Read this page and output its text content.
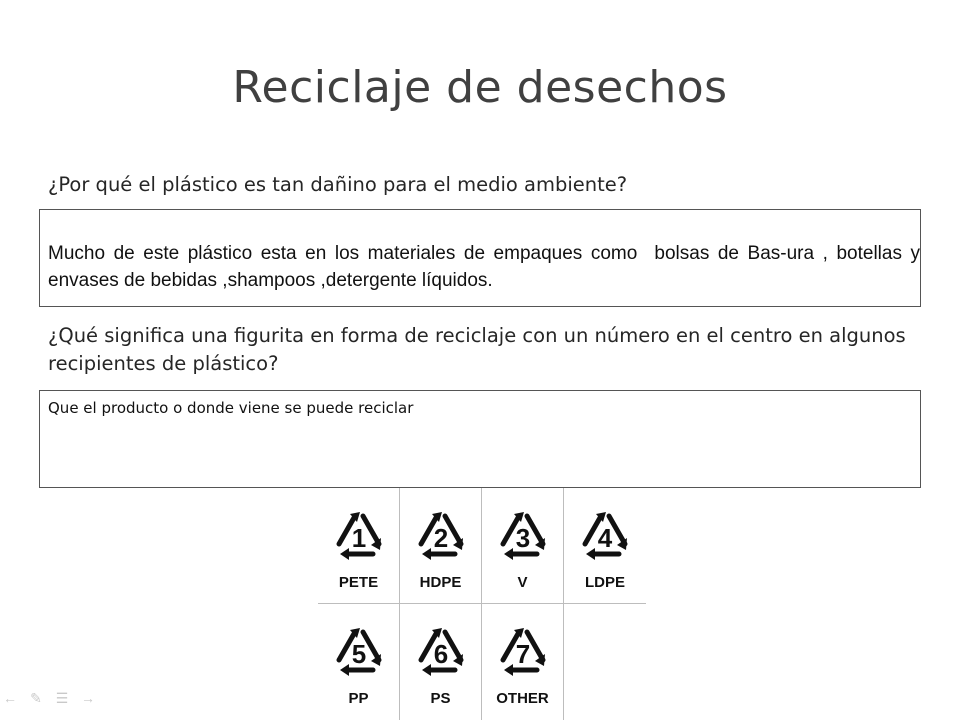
Reciclaje de desechos
¿Por qué el plástico es tan dañino para el medio ambiente?
Mucho de este plástico esta en los materiales de empaques como  bolsas de Bas-ura , botellas y envases de bebidas ,shampoos ,detergente líquidos.
¿Qué significa una figurita en forma de reciclaje con un número en el centro en algunos recipientes de plástico?
Que el producto o donde viene se puede reciclar
1
PETE
2
HDPE
3
V
4
LDPE
5
PP
6
PS
7
OTHER
← ✎ ☰ →
